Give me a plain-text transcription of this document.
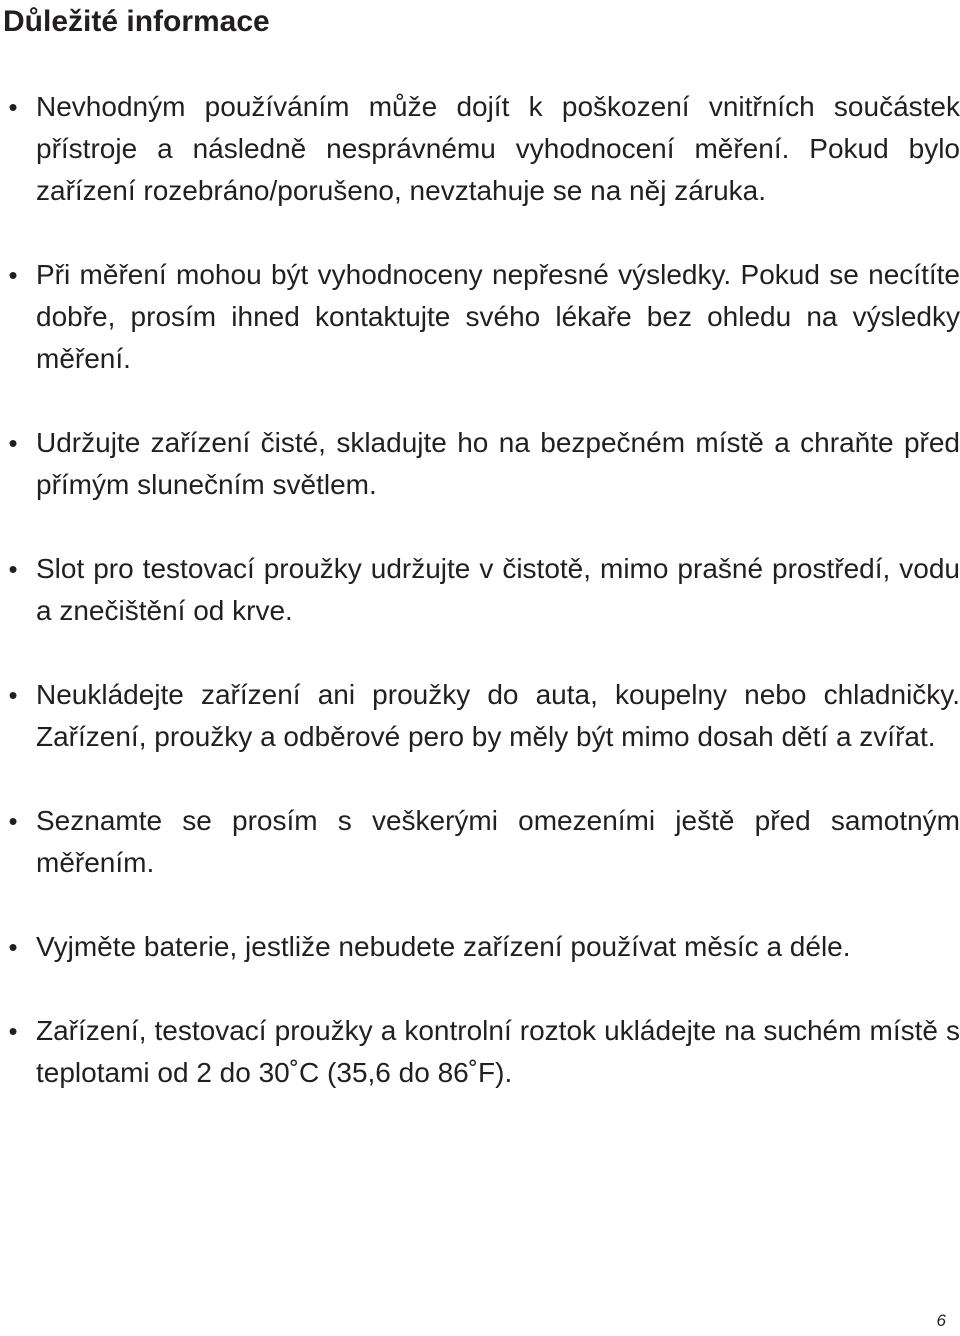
Důležité informace
• Nevhodným používáním může dojít k poškození vnitřních součástek přístroje a následně nesprávnému vyhodnocení měření. Pokud bylo zařízení rozebráno/porušeno, nevztahuje se na něj záruka.
• Při měření mohou být vyhodnoceny nepřesné výsledky. Pokud se necítíte dobře, prosím ihned kontaktujte svého lékaře bez ohledu na výsledky měření.
• Udržujte zařízení čisté, skladujte ho na bezpečném místě a chraňte před přímým slunečním světlem.
• Slot pro testovací proužky udržujte v čistotě, mimo prašné prostředí, vodu a znečištění od krve.
• Neukládejte zařízení ani proužky do auta, koupelny nebo chladničky. Zařízení, proužky a odběrové pero by měly být mimo dosah dětí a zvířat.
• Seznamte se prosím s veškerými omezeními ještě před samotným měřením.
• Vyjměte baterie, jestliže nebudete zařízení používat měsíc a déle.
• Zařízení, testovací proužky a kontrolní roztok ukládejte na suchém místě s teplotami od 2 do 30˚C (35,6 do 86˚F).
6
